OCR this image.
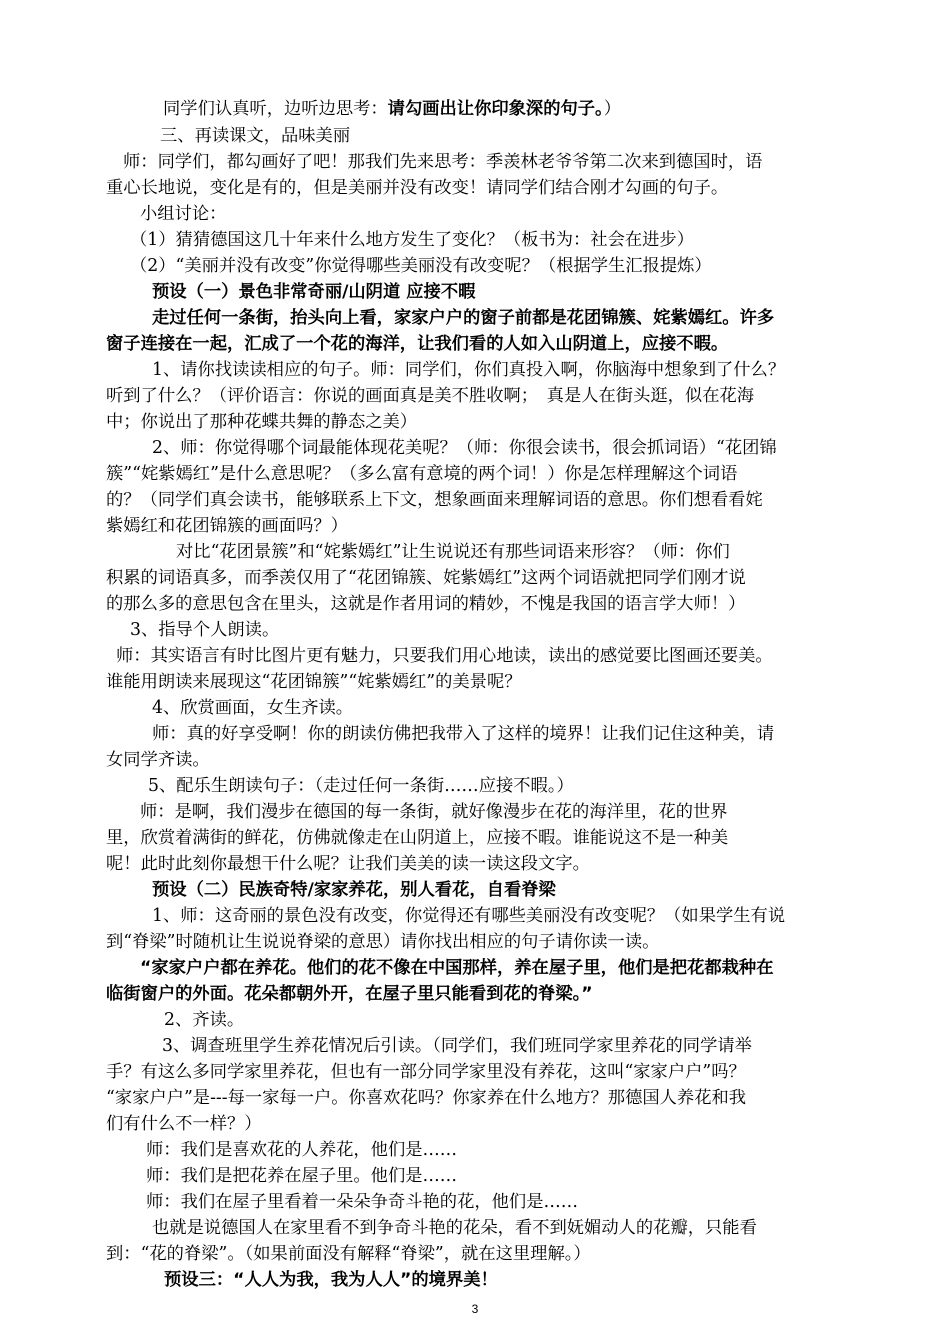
同学们认真听，边听边思考：请勾画出让你印象深的句子。）
三、再读课文，品味美丽
师：同学们，都勾画好了吧！那我们先来思考：季羡林老爷爷第二次来到德国时，语
重心长地说，变化是有的，但是美丽并没有改变！请同学们结合刚才勾画的句子。
小组讨论：
（1）猜猜德国这几十年来什么地方发生了变化？（板书为：社会在进步）
（2）“美丽并没有改变”你觉得哪些美丽没有改变呢？（根据学生汇报提炼）
预设（一）景色非常奇丽/山阴道 应接不暇
走过任何一条街，抬头向上看，家家户户的窗子前都是花团锦簇、姹紫嫣红。许多
窗子连接在一起，汇成了一个花的海洋，让我们看的人如入山阴道上，应接不暇。
1、请你找读读相应的句子。师：同学们，你们真投入啊，你脑海中想象到了什么？
听到了什么？（评价语言：你说的画面真是美不胜收啊；　真是人在街头逛，似在花海
中；你说出了那种花蝶共舞的静态之美）
2、师：你觉得哪个词最能体现花美呢？（师：你很会读书，很会抓词语）“花团锦
簇”“姹紫嫣红”是什么意思呢？（多么富有意境的两个词！）你是怎样理解这个词语
的？（同学们真会读书，能够联系上下文，想象画面来理解词语的意思。你们想看看姹
紫嫣红和花团锦簇的画面吗？）
对比“花团景簇”和“姹紫嫣红”让生说说还有那些词语来形容？（师：你们
积累的词语真多，而季羡仅用了“花团锦簇、姹紫嫣红”这两个词语就把同学们刚才说
的那么多的意思包含在里头，这就是作者用词的精妙，不愧是我国的语言学大师！）
3、指导个人朗读。
师：其实语言有时比图片更有魅力，只要我们用心地读，读出的感觉要比图画还要美。
谁能用朗读来展现这“花团锦簇”“姹紫嫣红”的美景呢？
4、欣赏画面，女生齐读。
师：真的好享受啊！你的朗读仿佛把我带入了这样的境界！让我们记住这种美，请
女同学齐读。
5、配乐生朗读句子：（走过任何一条街……应接不暇。）
师：是啊，我们漫步在德国的每一条街，就好像漫步在花的海洋里，花的世界
里，欣赏着满街的鲜花，仿佛就像走在山阴道上，应接不暇。谁能说这不是一种美
呢！此时此刻你最想干什么呢？让我们美美的读一读这段文字。
预设（二）民族奇特/家家养花，别人看花，自看脊梁
1、师：这奇丽的景色没有改变，你觉得还有哪些美丽没有改变呢？（如果学生有说
到“脊梁”时随机让生说说脊梁的意思）请你找出相应的句子请你读一读。
“家家户户都在养花。他们的花不像在中国那样，养在屋子里，他们是把花都栽种在
临街窗户的外面。花朵都朝外开，在屋子里只能看到花的脊梁。”
2、齐读。
3、调查班里学生养花情况后引读。（同学们，我们班同学家里养花的同学请举
手？有这么多同学家里养花，但也有一部分同学家里没有养花，这叫“家家户户”吗？
“家家户户”是---每一家每一户。你喜欢花吗？你家养在什么地方？那德国人养花和我
们有什么不一样？）
师：我们是喜欢花的人养花，他们是……
师：我们是把花养在屋子里。他们是……
师：我们在屋子里看着一朵朵争奇斗艳的花，他们是……
也就是说德国人在家里看不到争奇斗艳的花朵，看不到妩媚动人的花瓣，只能看
到：“花的脊梁”。（如果前面没有解释“脊梁”，就在这里理解。）
预设三：“人人为我，我为人人”的境界美！
3
